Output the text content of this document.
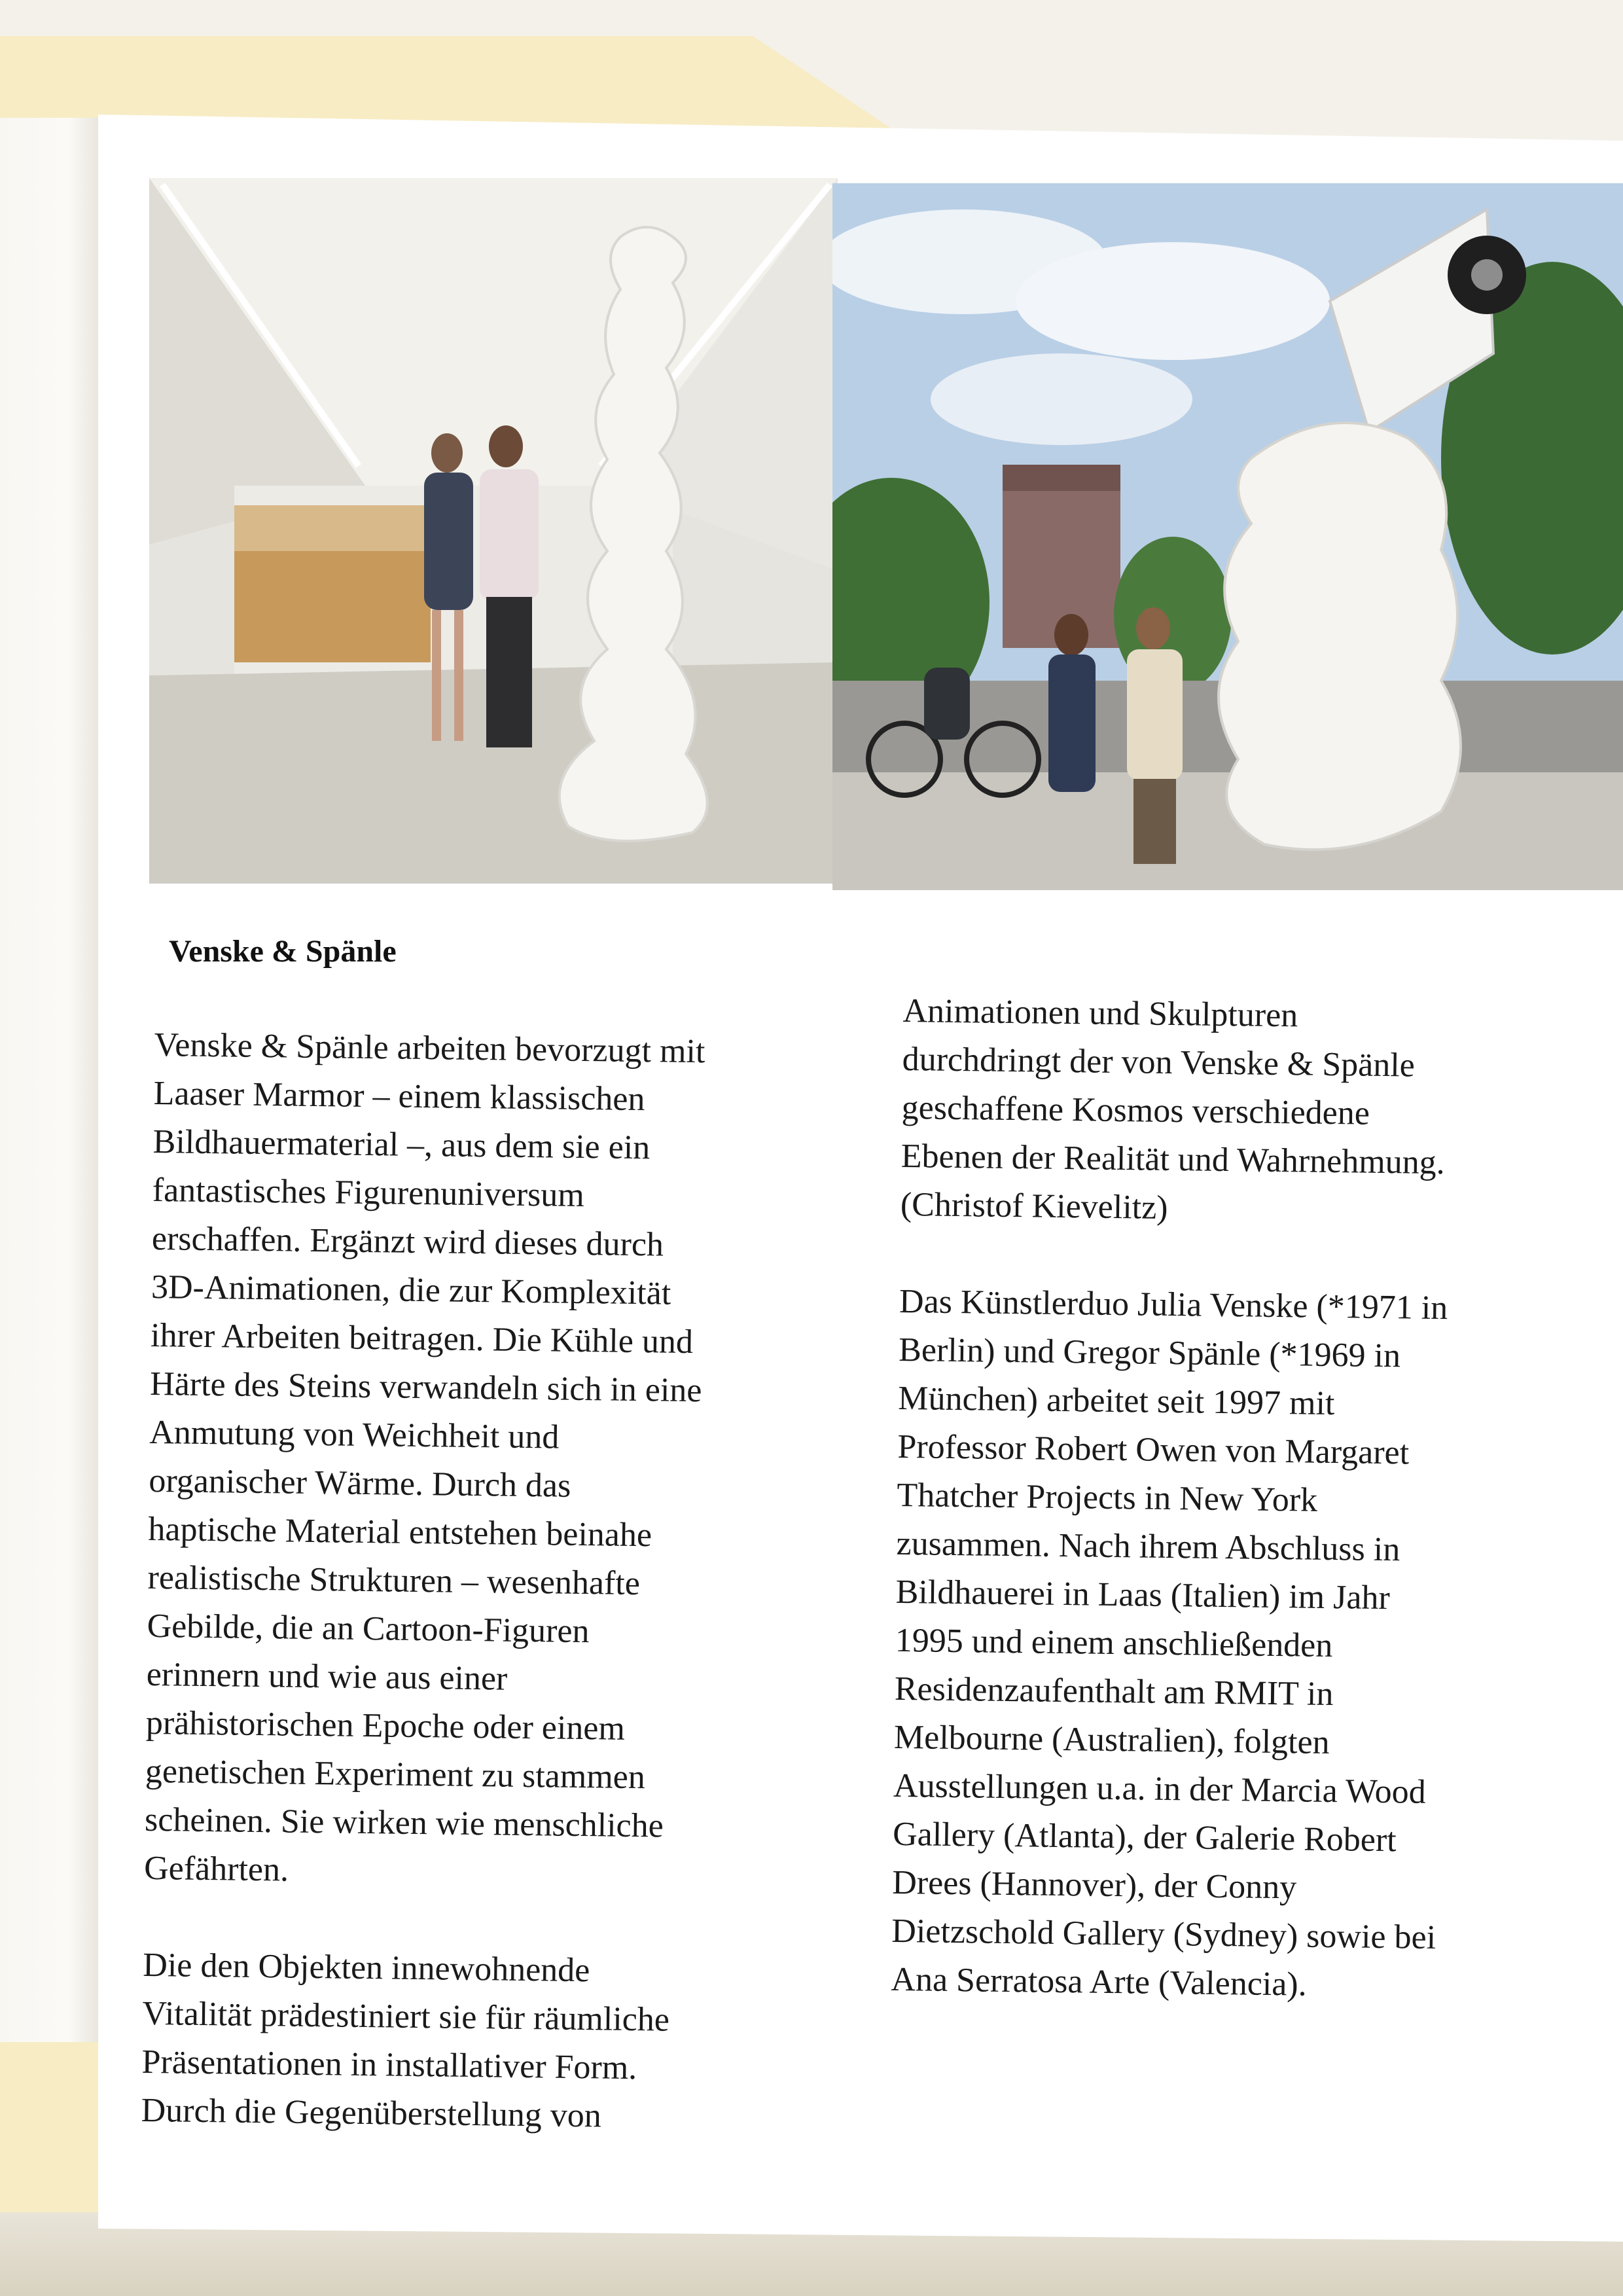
Venske & Spänle
Venske & Spänle arbeiten bevorzugt mit
Laaser Marmor – einem klassischen
Bildhauermaterial –, aus dem sie ein
fantastisches Figurenuniversum
erschaffen. Ergänzt wird dieses durch
3D-Animationen, die zur Komplexität
ihrer Arbeiten beitragen. Die Kühle und
Härte des Steins verwandeln sich in eine
Anmutung von Weichheit und
organischer Wärme. Durch das
haptische Material entstehen beinahe
realistische Strukturen – wesenhafte
Gebilde, die an Cartoon-Figuren
erinnern und wie aus einer
prähistorischen Epoche oder einem
genetischen Experiment zu stammen
scheinen. Sie wirken wie menschliche
Gefährten.
Die den Objekten innewohnende
Vitalität prädestiniert sie für räumliche
Präsentationen in installativer Form.
Durch die Gegenüberstellung von
Animationen und Skulpturen
durchdringt der von Venske & Spänle
geschaffene Kosmos verschiedene
Ebenen der Realität und Wahrnehmung.
(Christof Kievelitz)
Das Künstlerduo Julia Venske (*1971 in
Berlin) und Gregor Spänle (*1969 in
München) arbeitet seit 1997 mit
Professor Robert Owen von Margaret
Thatcher Projects in New York
zusammen. Nach ihrem Abschluss in
Bildhauerei in Laas (Italien) im Jahr
1995 und einem anschließenden
Residenzaufenthalt am RMIT in
Melbourne (Australien), folgten
Ausstellungen u.a. in der Marcia Wood
Gallery (Atlanta), der Galerie Robert
Drees (Hannover), der Conny
Dietzschold Gallery (Sydney) sowie bei
Ana Serratosa Arte (Valencia).
